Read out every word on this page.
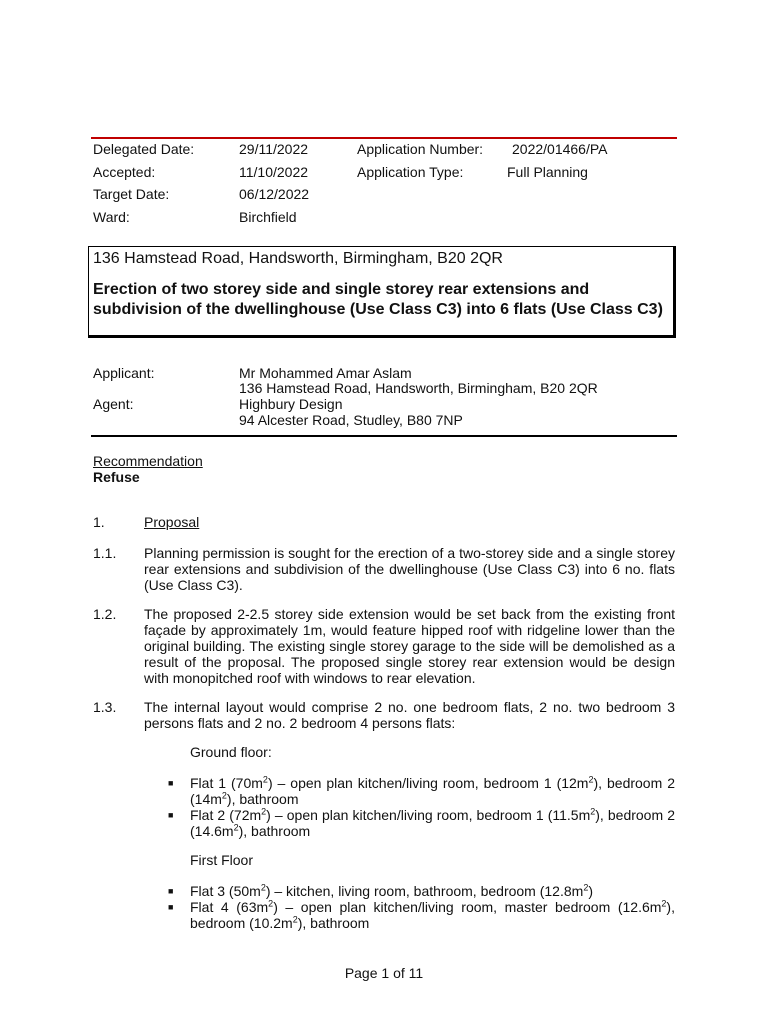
Delegated Date:	29/11/2022	Application Number: 2022/01466/PA
Accepted:	11/10/2022	Application Type:	Full Planning
Target Date:	06/12/2022
Ward:	Birchfield
136 Hamstead Road, Handsworth, Birmingham, B20 2QR
Erection of two storey side and single storey rear extensions and subdivision of the dwellinghouse (Use Class C3) into 6 flats (Use Class C3)
Applicant:	Mr Mohammed Amar Aslam
136 Hamstead Road, Handsworth, Birmingham, B20 2QR
Agent:	Highbury Design
94 Alcester Road, Studley, B80 7NP
Recommendation
Refuse
1.	Proposal
1.1. Planning permission is sought for the erection of a two-storey side and a single storey rear extensions and subdivision of the dwellinghouse (Use Class C3) into 6 no. flats (Use Class C3).
1.2. The proposed 2-2.5 storey side extension would be set back from the existing front façade by approximately 1m, would feature hipped roof with ridgeline lower than the original building. The existing single storey garage to the side will be demolished as a result of the proposal. The proposed single storey rear extension would be design with monopitched roof with windows to rear elevation.
1.3. The internal layout would comprise 2 no. one bedroom flats, 2 no. two bedroom 3 persons flats and 2 no. 2 bedroom 4 persons flats:
Ground floor:
■ Flat 1 $(70m^2)$ – open plan kitchen/living room, bedroom 1 $(12m^2)$, bedroom 2 $(14m^2)$, bathroom
■ Flat 2 $(72m^2)$ – open plan kitchen/living room, bedroom 1 $(11.5m^2)$, bedroom 2 $(14.6m^2)$, bathroom
First Floor
■ Flat 3 $(50m^2)$ – kitchen, living room, bathroom, bedroom $(12.8m^2)$
■ Flat 4 $(63m^2)$ – open plan kitchen/living room, master bedroom $(12.6m^2)$, bedroom $(10.2m^2)$, bathroom
Page 1 of 11
